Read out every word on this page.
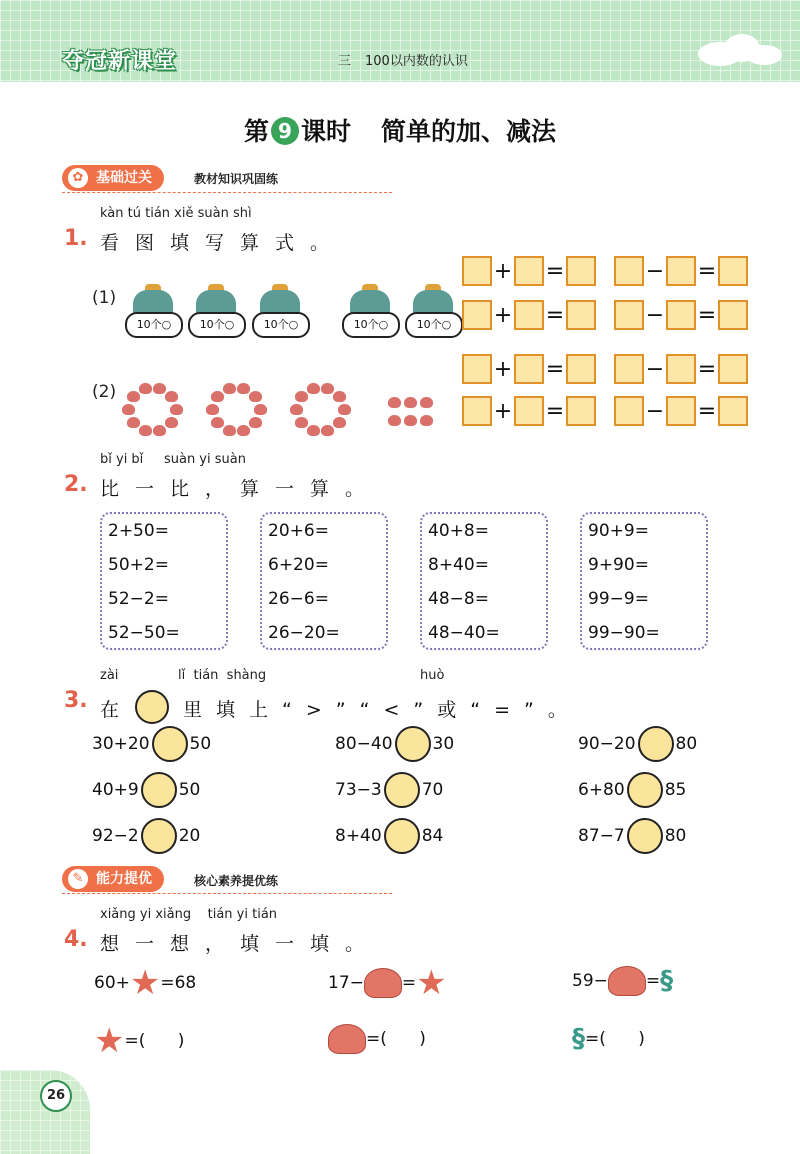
夺冠新课堂	三 100以内数的认识
第 9 课时 简单的加、减法
✿ 基础过关	教材知识巩固练
kàn tú tián xiě suàn shì
1. 看图填写算式。
(1)
10个○	10个○	10个○	10个○	10个○
(2)
+ =	− =
+ =	− =
+ =	− =
+ =	− =
bǐ yi bǐ     suàn yi suàn
2. 比一比，算一算。
2+50=
50+2=
52−2=
52−50=
20+6=
6+20=
26−6=
26−20=
40+8=
8+40=
48−8=
48−40=
90+9=
9+90=
99−9=
99−90=
zài	lǐ  tián  shàng	huò
3. 在	里填上“>”“<”或“=”。
30+20 50	80−40 30	90−20 80
40+9 50	73−3 70	6+80 85
92−2 20	8+40 84	87−7 80
✎ 能力提优	核心素养提优练
xiǎng yi xiǎng    tián yi tián
4. 想一想，填一填。
60+★=68	17− =★	59− =§
★=(      )	=(      )	§=(      )
26
